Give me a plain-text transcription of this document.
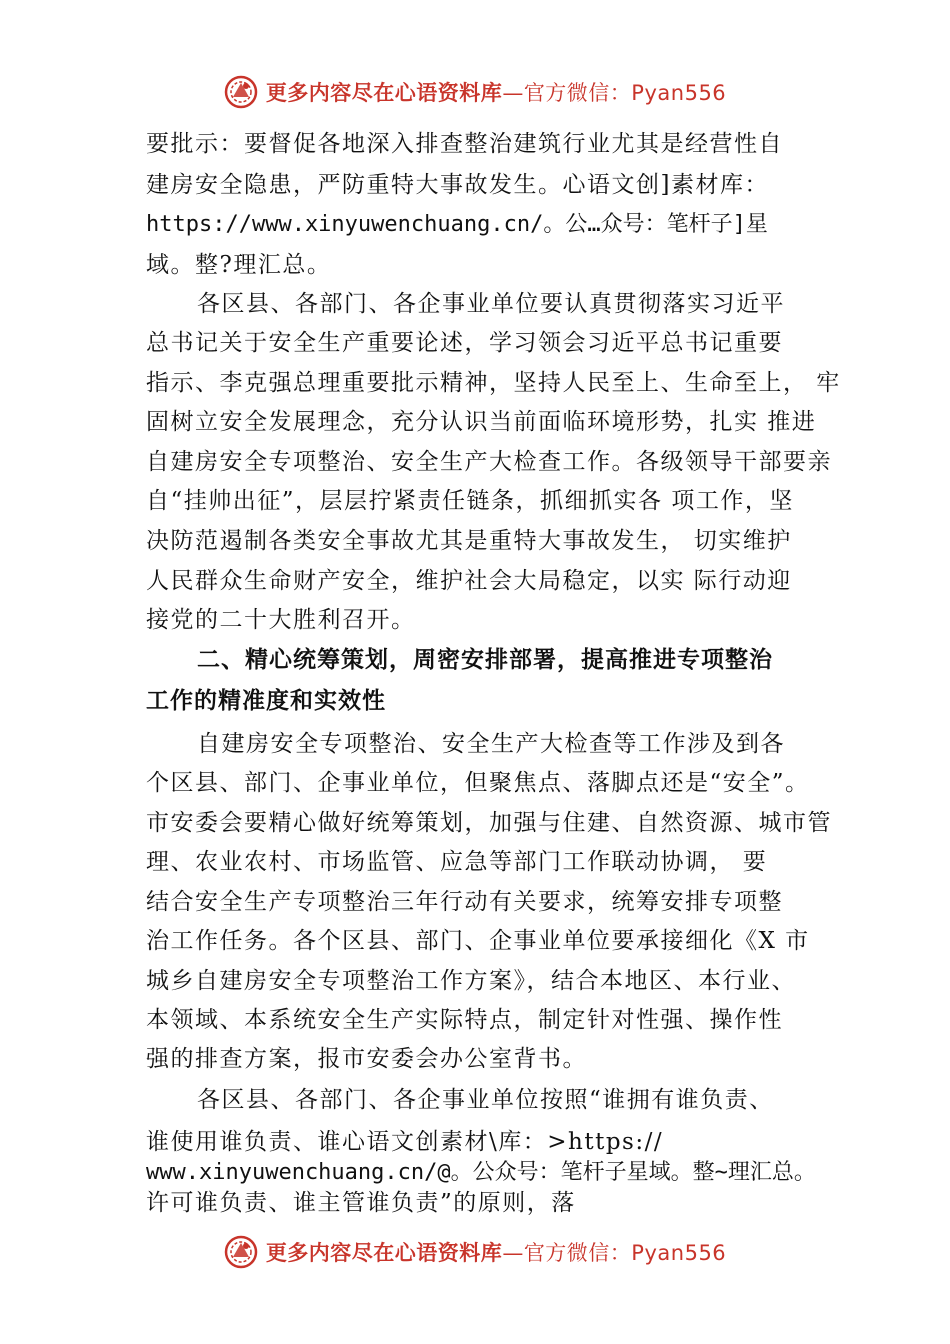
更多内容尽在心语资料库—官方微信：Pyan556
要批示：要督促各地深入排查整治建筑行业尤其是经营性自
建房安全隐患，严防重特大事故发生。心语文创]素材库：
https://www.xinyuwenchuang.cn/。公…众号：笔杆子]星
域。整?理汇总。
各区县、各部门、各企事业单位要认真贯彻落实习近平
总书记关于安全生产重要论述，学习领会习近平总书记重要
指示、李克强总理重要批示精神，坚持人民至上、生命至上， 牢
固树立安全发展理念，充分认识当前面临环境形势，扎实 推进
自建房安全专项整治、安全生产大检查工作。各级领导干部要亲
自“挂帅出征”，层层拧紧责任链条，抓细抓实各 项工作，坚
决防范遏制各类安全事故尤其是重特大事故发生， 切实维护
人民群众生命财产安全，维护社会大局稳定，以实 际行动迎
接党的二十大胜利召开。
二、精心统筹策划，周密安排部署，提高推进专项整治
工作的精准度和实效性
自建房安全专项整治、安全生产大检查等工作涉及到各
个区县、部门、企事业单位，但聚焦点、落脚点还是“安全”。
市安委会要精心做好统筹策划，加强与住建、自然资源、城市管
理、农业农村、市场监管、应急等部门工作联动协调， 要
结合安全生产专项整治三年行动有关要求，统筹安排专项整
治工作任务。各个区县、部门、企事业单位要承接细化《X 市
城乡自建房安全专项整治工作方案》，结合本地区、本行业、
本领域、本系统安全生产实际特点，制定针对性强、操作性
强的排查方案，报市安委会办公室背书。
各区县、各部门、各企事业单位按照“谁拥有谁负责、
谁使用谁负责、谁心语文创素材\库：>https://
www.xinyuwenchuang.cn/@。公众号：笔杆子星域。整~理汇总。
许可谁负责、谁主管谁负责”的原则，落
更多内容尽在心语资料库—官方微信：Pyan556
